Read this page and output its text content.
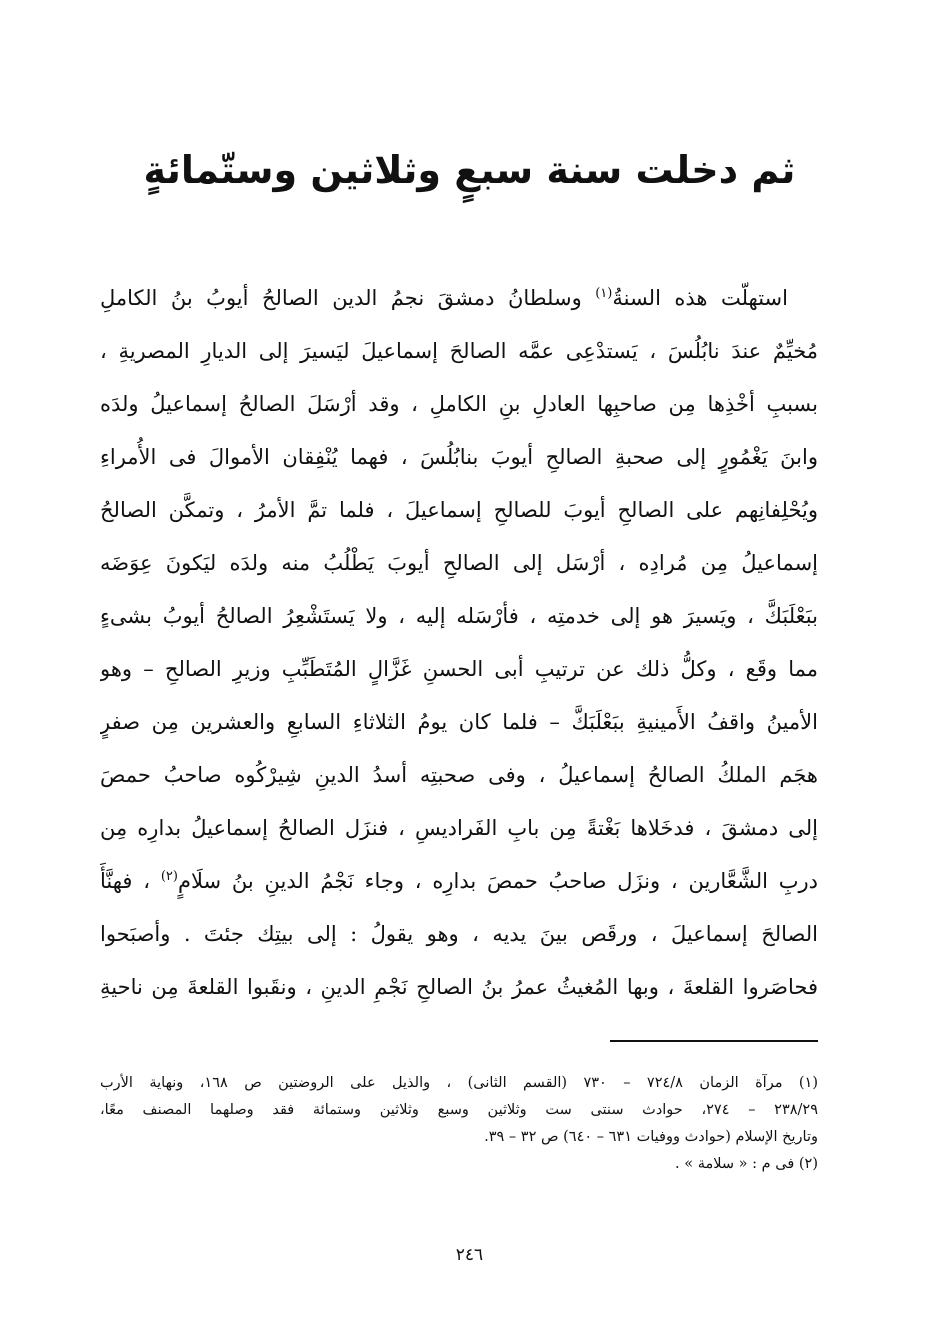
ثم دخلت سنة سبعٍ وثلاثين وستّمائةٍ
استهلّت هذه السنةُ$^{(١)}$ وسلطانُ دمشقَ نجمُ الدين الصالحُ أيوبُ بنُ الكاملِ
مُخيِّمٌ عندَ نابُلُسَ ، يَستدْعِى عمَّه الصالحَ إسماعيلَ ليَسيرَ إلى الديارِ المصريةِ ،
بسببِ أخْذِها مِن صاحبِها العادلِ بنِ الكاملِ ، وقد أرْسَلَ الصالحُ إسماعيلُ ولدَه
وابنَ يَغْمُورٍ إلى صحبةِ الصالحِ أيوبَ بنابُلُسَ ، فهما يُنْفِقان الأموالَ فى الأُمراءِ
ويُحْلِفانِهم على الصالحِ أيوبَ للصالحِ إسماعيلَ ، فلما تمَّ الأمرُ ، وتمكَّن الصالحُ
إسماعيلُ مِن مُرادِه ، أرْسَل إلى الصالحِ أيوبَ يَطْلُبُ منه ولدَه ليَكونَ عِوَضَه
ببَعْلَبَكَّ ، ويَسيرَ هو إلى خدمتِه ، فأرْسَله إليه ، ولا يَستَشْعِرُ الصالحُ أيوبُ بشىءٍ
مما وقَع ، وكلُّ ذلك عن ترتيبِ أبى الحسنِ غَزَّالٍ المُتَطَبِّبِ وزيرِ الصالحِ – وهو
الأمينُ واقفُ الأَمينيةِ ببَعْلَبَكَّ – فلما كان يومُ الثلاثاءِ السابعِ والعشرين مِن صفرٍ
هجَم الملكُ الصالحُ إسماعيلُ ، وفى صحبتِه أسدُ الدينِ شِيرْكُوه صاحبُ حمصَ
إلى دمشقَ ، فدخَلاها بَغْتةً مِن بابِ الفَراديسِ ، فنزَل الصالحُ إسماعيلُ بدارِه مِن
دربِ الشَّعَّارين ، ونزَل صاحبُ حمصَ بدارِه ، وجاء نَجْمُ الدينِ بنُ سلَامٍ$^{(٢)}$ ، فهنَّأَ
الصالحَ إسماعيلَ ، ورقَص بينَ يديه ، وهو يقولُ : إلى بيتِك جئتَ . وأصبَحوا
فحاصَروا القلعةَ ، وبها المُغيثُ عمرُ بنُ الصالحِ نَجْمِ الدينِ ، ونقَبوا القلعةَ مِن ناحيةِ
(١) مرآة الزمان ٧٢٤/٨ – ٧٣٠ (القسم الثانى) ، والذيل على الروضتين ص ١٦٨، ونهاية الأرب
٢٣٨/٢٩ – ٢٧٤، حوادث سنتى ست وثلاثين وسبع وثلاثين وستمائة فقد وصلهما المصنف معًا،
وتاريخ الإسلام (حوادث ووفيات ٦٣١ – ٦٤٠) ص ٣٢ – ٣٩.
(٢) فى م : « سلامة » .
٢٤٦
